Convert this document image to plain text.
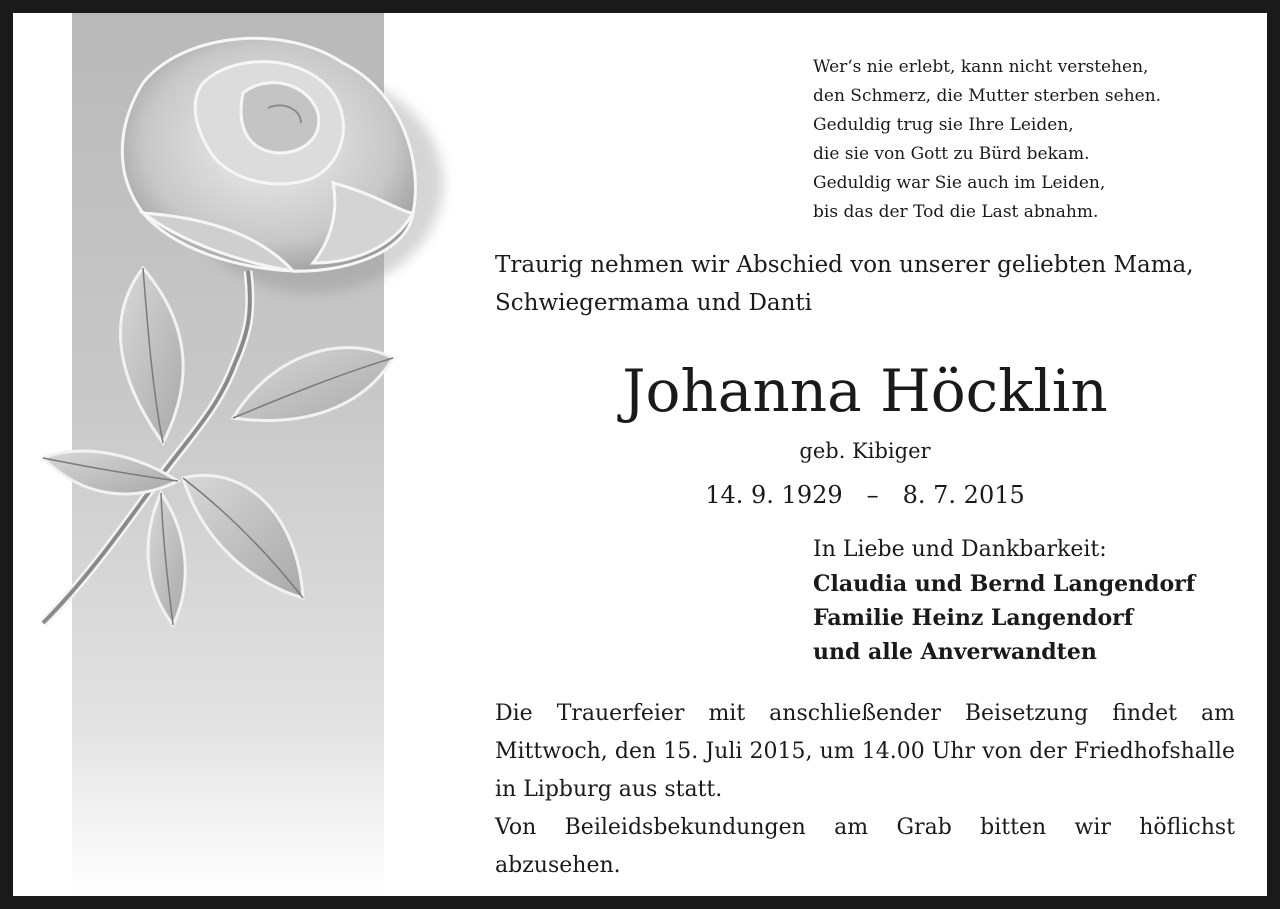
Wer‘s nie erlebt, kann nicht verstehen,
den Schmerz, die Mutter sterben sehen.
Geduldig trug sie Ihre Leiden,
die sie von Gott zu Bürd bekam.
Geduldig war Sie auch im Leiden,
bis das der Tod die Last abnahm.
Traurig nehmen wir Abschied von unserer geliebten Mama,
Schwiegermama und Danti
Johanna Höcklin
geb. Kibiger
14. 9. 1929 – 8. 7. 2015
In Liebe und Dankbarkeit:
Claudia und Bernd Langendorf
Familie Heinz Langendorf
und alle Anverwandten
Die Trauerfeier mit anschließender Beisetzung findet am Mittwoch, den 15. Juli 2015, um 14.00 Uhr von der Friedhofshalle in Lipburg aus statt.
Von Beileidsbekundungen am Grab bitten wir höflichst abzusehen.
